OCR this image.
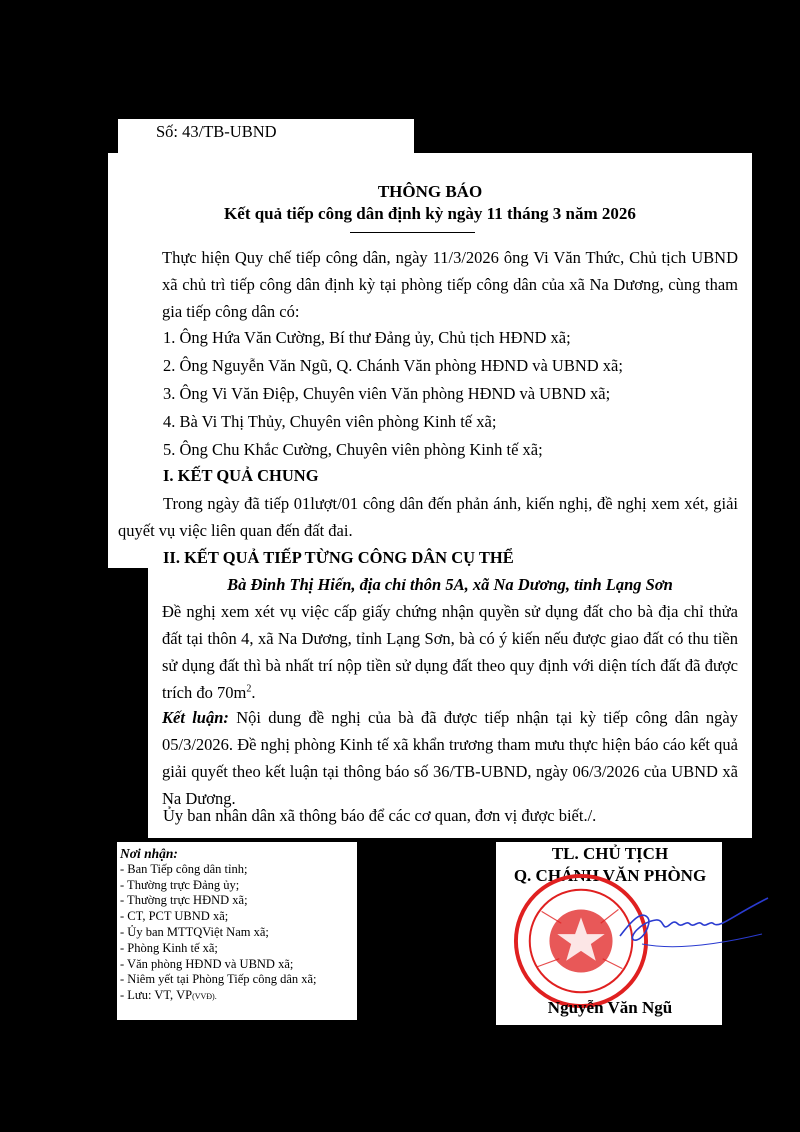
Số: 43/TB-UBND
THÔNG BÁO
Kết quả tiếp công dân định kỳ ngày 11 tháng 3 năm 2026
Thực hiện Quy chế tiếp công dân, ngày 11/3/2026 ông Vi Văn Thức, Chủ tịch UBND xã chủ trì tiếp công dân định kỳ tại phòng tiếp công dân của xã Na Dương, cùng tham gia tiếp công dân có:
1. Ông Hứa Văn Cường, Bí thư Đảng ủy, Chủ tịch HĐND xã;
2. Ông Nguyễn Văn Ngũ, Q. Chánh Văn phòng HĐND và UBND xã;
3. Ông Vi Văn Điệp, Chuyên viên Văn phòng HĐND và UBND xã;
4. Bà Vi Thị Thủy, Chuyên viên phòng Kinh tế xã;
5. Ông Chu Khắc Cường, Chuyên viên phòng Kinh tế xã;
I. KẾT QUẢ CHUNG
Trong ngày đã tiếp 01lượt/01 công dân đến phản ánh, kiến nghị, đề nghị xem xét, giải quyết vụ việc liên quan đến đất đai.
II. KẾT QUẢ TIẾP TỪNG CÔNG DÂN CỤ THỂ
Bà Đinh Thị Hiến, địa chỉ thôn 5A, xã Na Dương, tỉnh Lạng Sơn
Đề nghị xem xét vụ việc cấp giấy chứng nhận quyền sử dụng đất cho bà địa chỉ thửa đất tại thôn 4, xã Na Dương, tỉnh Lạng Sơn, bà có ý kiến nếu được giao đất có thu tiền sử dụng đất thì bà nhất trí nộp tiền sử dụng đất theo quy định với diện tích đất đã được trích đo $70m^2$.
Kết luận: Nội dung đề nghị của bà đã được tiếp nhận tại kỳ tiếp công dân ngày 05/3/2026. Đề nghị phòng Kinh tế xã khẩn trương tham mưu thực hiện báo cáo kết quả giải quyết theo kết luận tại thông báo số 36/TB-UBND, ngày 06/3/2026 của UBND xã Na Dương.
Ủy ban nhân dân xã thông báo để các cơ quan, đơn vị được biết./.
Nơi nhận:
- Ban Tiếp công dân tỉnh;
- Thường trực Đảng ủy;
- Thường trực HĐND xã;
- CT, PCT UBND xã;
- Ủy ban MTTQViệt Nam xã;
- Phòng Kinh tế xã;
- Văn phòng HĐND và UBND xã;
- Niêm yết tại Phòng Tiếp công dân xã;
- Lưu: VT, VP(VVĐ).
TL. CHỦ TỊCH
Q. CHÁNH VĂN PHÒNG
Nguyễn Văn Ngũ
